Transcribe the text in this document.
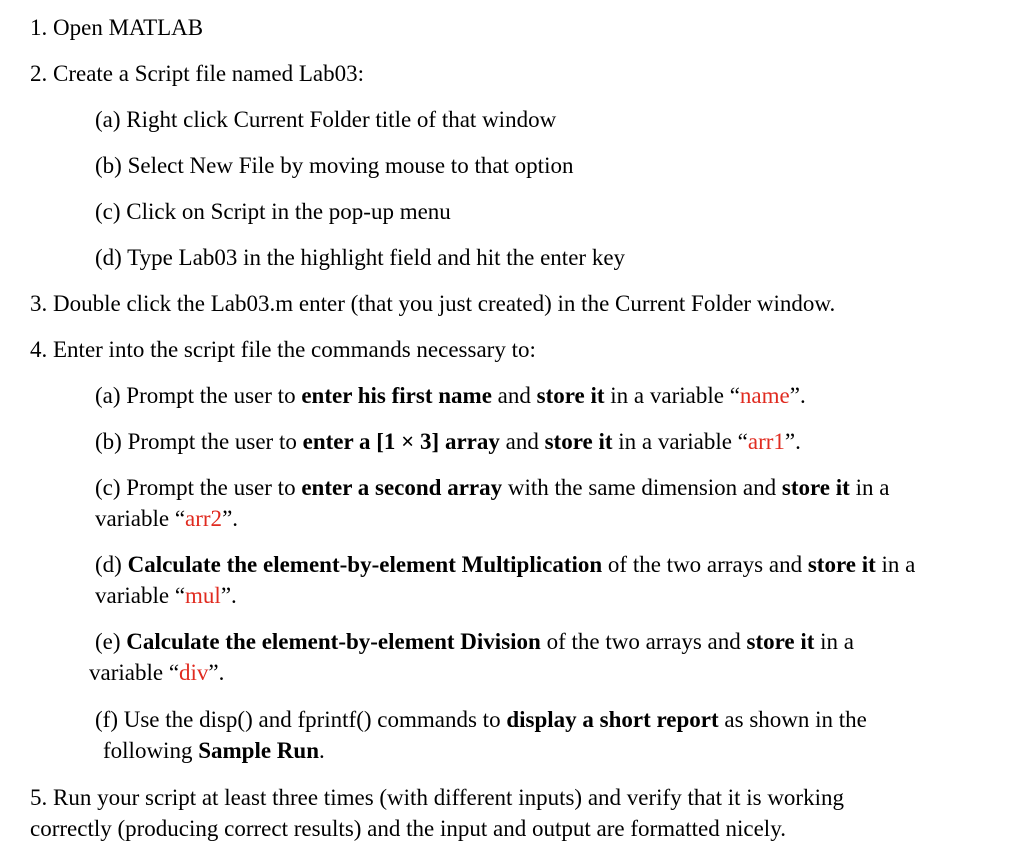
1. Open MATLAB
2. Create a Script file named Lab03:
(a) Right click Current Folder title of that window
(b) Select New File by moving mouse to that option
(c) Click on Script in the pop-up menu
(d) Type Lab03 in the highlight field and hit the enter key
3. Double click the Lab03.m enter (that you just created) in the Current Folder window.
4. Enter into the script file the commands necessary to:
(a) Prompt the user to enter his first name and store it in a variable “name”.
(b) Prompt the user to enter a [1 × 3] array and store it in a variable “arr1”.
(c) Prompt the user to enter a second array with the same dimension and store it in a
variable “arr2”.
(d) Calculate the element-by-element Multiplication of the two arrays and store it in a
variable “mul”.
(e) Calculate the element-by-element Division of the two arrays and store it in a
variable “div”.
(f) Use the disp() and fprintf() commands to display a short report as shown in the
following Sample Run.
5. Run your script at least three times (with different inputs) and verify that it is working
correctly (producing correct results) and the input and output are formatted nicely.
